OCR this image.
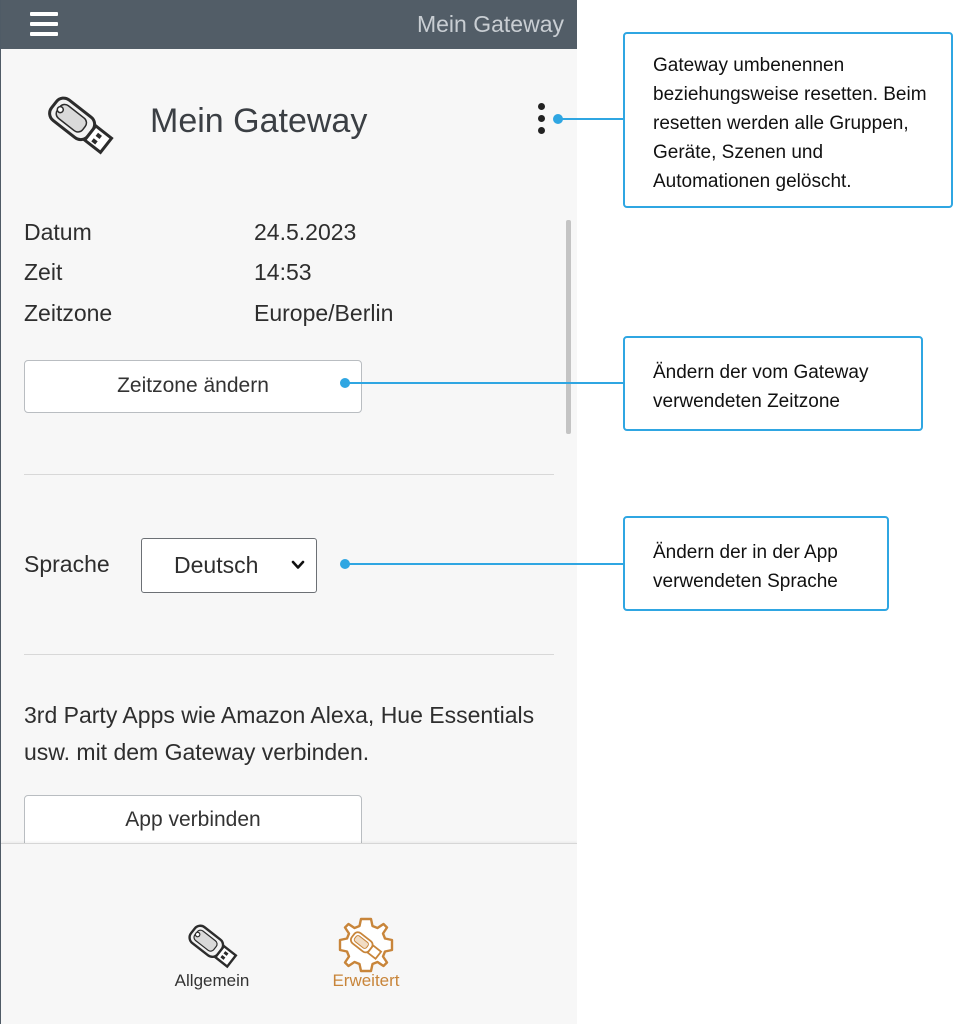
Mein Gateway
Mein Gateway
Datum	24.5.2023
Zeit	14:53
Zeitzone	Europe/Berlin
Zeitzone ändern
Sprache	Deutsch
3rd Party Apps wie Amazon Alexa, Hue Essentials usw. mit dem Gateway verbinden.
App verbinden
Allgemein	Erweitert
Gateway umbenennen beziehungsweise resetten. Beim resetten werden alle Gruppen, Geräte, Szenen und Automationen gelöscht.
Ändern der vom Gateway verwendeten Zeitzone
Ändern der in der App verwendeten Sprache
